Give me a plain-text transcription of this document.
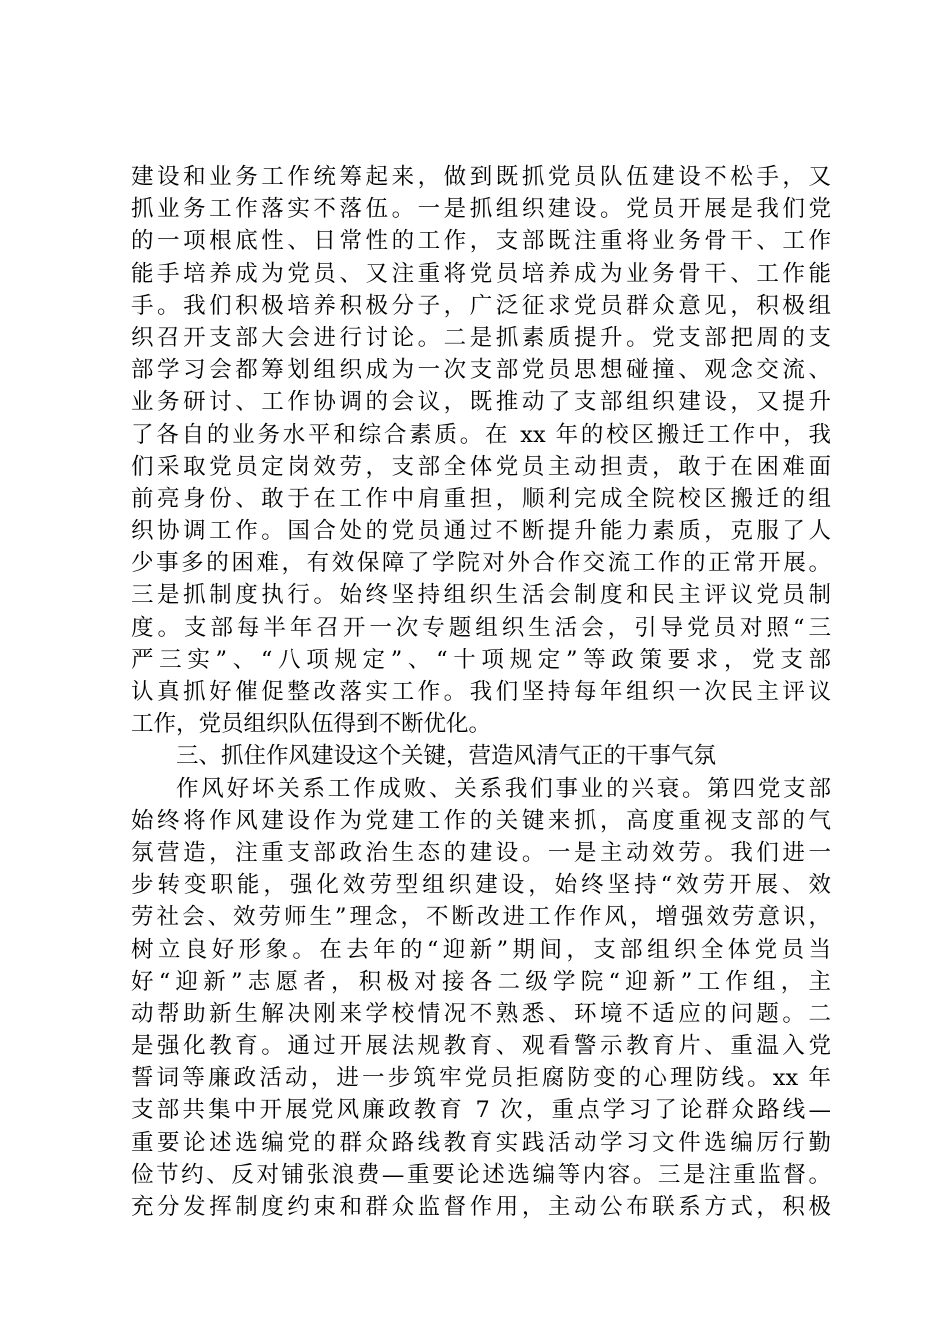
建设和业务工作统筹起来，做到既抓党员队伍建设不松手，又
抓业务工作落实不落伍。一是抓组织建设。党员开展是我们党
的一项根底性、日常性的工作，支部既注重将业务骨干、工作
能手培养成为党员、又注重将党员培养成为业务骨干、工作能
手。我们积极培养积极分子，广泛征求党员群众意见，积极组
织召开支部大会进行讨论。二是抓素质提升。党支部把周的支
部学习会都筹划组织成为一次支部党员思想碰撞、观念交流、
业务研讨、工作协调的会议，既推动了支部组织建设，又提升
了各自的业务水平和综合素质。在 xx 年的校区搬迁工作中，我
们采取党员定岗效劳，支部全体党员主动担责，敢于在困难面
前亮身份、敢于在工作中肩重担，顺利完成全院校区搬迁的组
织协调工作。国合处的党员通过不断提升能力素质，克服了人
少事多的困难，有效保障了学院对外合作交流工作的正常开展。
三是抓制度执行。始终坚持组织生活会制度和民主评议党员制
度。支部每半年召开一次专题组织生活会，引导党员对照“三
严三实”、“八项规定”、“十项规定”等政策要求，党支部
认真抓好催促整改落实工作。我们坚持每年组织一次民主评议
工作，党员组织队伍得到不断优化。
三、抓住作风建设这个关键，营造风清气正的干事气氛
作风好坏关系工作成败、关系我们事业的兴衰。第四党支部
始终将作风建设作为党建工作的关键来抓，高度重视支部的气
氛营造，注重支部政治生态的建设。一是主动效劳。我们进一
步转变职能，强化效劳型组织建设，始终坚持“效劳开展、效
劳社会、效劳师生”理念，不断改进工作作风，增强效劳意识，
树立良好形象。在去年的“迎新”期间，支部组织全体党员当
好“迎新”志愿者，积极对接各二级学院“迎新”工作组，主
动帮助新生解决刚来学校情况不熟悉、环境不适应的问题。二
是强化教育。通过开展法规教育、观看警示教育片、重温入党
誓词等廉政活动，进一步筑牢党员拒腐防变的心理防线。xx 年
支部共集中开展党风廉政教育 7 次，重点学习了论群众路线—
重要论述选编党的群众路线教育实践活动学习文件选编厉行勤
俭节约、反对铺张浪费—重要论述选编等内容。三是注重监督。
充分发挥制度约束和群众监督作用，主动公布联系方式，积极
